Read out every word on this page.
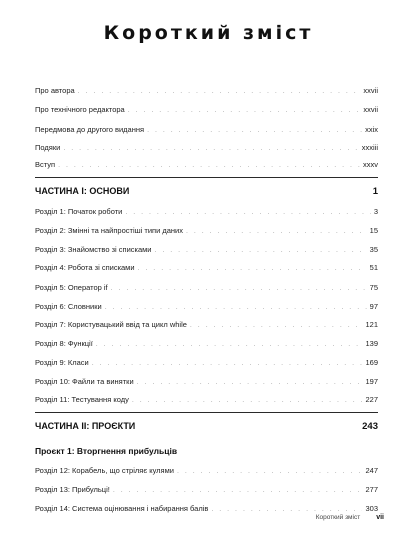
Короткий зміст
Про автора . . .	xxvii
Про технічного редактора . . .	xxvii
Передмова до другого видання . . .	xxix
Подяки . . .	xxxiii
Вступ . . .	xxxv
ЧАСТИНА I: ОСНОВИ	1
Розділ 1: Початок роботи . . .	3
Розділ 2: Змінні та найпростіші типи даних . . .	15
Розділ 3: Знайомство зі списками . . .	35
Розділ 4: Робота зі списками . . .	51
Розділ 5: Оператор if . . .	75
Розділ 6: Словники . . .	97
Розділ 7: Користувацький ввід та цикл while . . .	121
Розділ 8: Функції . . .	139
Розділ 9: Класи . . .	169
Розділ 10: Файли та винятки . . .	197
Розділ 11: Тестування коду . . .	227
ЧАСТИНА II: ПРОЄКТИ	243
Проєкт 1: Вторгнення прибульців
Розділ 12: Корабель, що стріляє кулями . . .	247
Розділ 13: Прибульці! . . .	277
Розділ 14: Система оцінювання і набирання балів . . .	303
Короткий зміст vii
